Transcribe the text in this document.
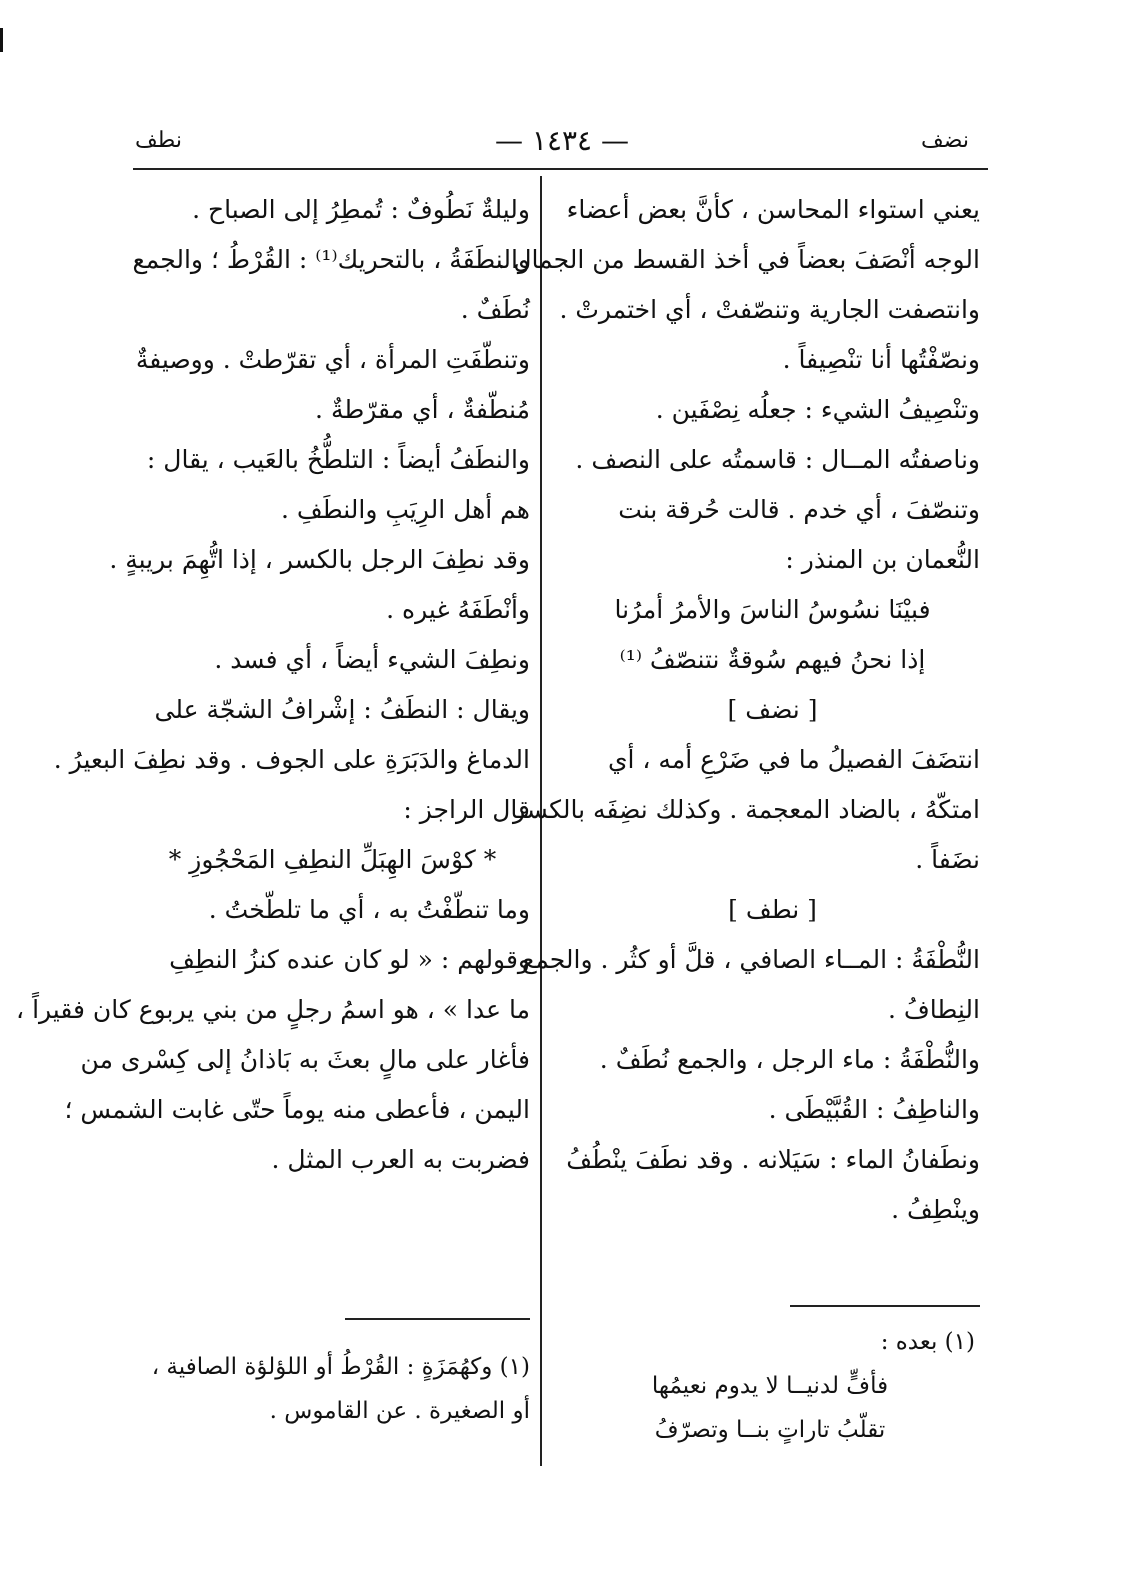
نضف
— ١٤٣٤ —
نطف
يعني استواء المحاسن ، كأنَّ بعض أعضاء
الوجه أنْصَفَ بعضاً في أخذ القسط من الجمال .
وانتصفت الجارية وتنصّفتْ ، أي اختمرتْ .
ونصّفْتُها أنا تنْصِيفاً .
وتنْصِيفُ الشيء : جعلُه نِصْفَين .
وناصفتُه المــال : قاسمتُه على النصف .
وتنصّفَ ، أي خدم . قالت حُرقة بنت
النُّعمان بن المنذر :
فبيْنَا نسُوسُ الناسَ والأمرُ أمرُنا
إذا نحنُ فيهم سُوقةٌ نتنصّفُ ⁽¹⁾
[ نضف ]
انتضَفَ الفصيلُ ما في ضَرْعِ أمه ، أي
امتكّهُ ، بالضاد المعجمة . وكذلك نضِفَه بالكسر
نضَفاً .
[ نطف ]
النُّطْفَةُ : المــاء الصافي ، قلَّ أو كثُر . والجمع
النِطافُ .
والنُّطْفَةُ : ماء الرجل ، والجمع نُطَفٌ .
والناطِفُ : القُبَّيْطَى .
ونطَفانُ الماء : سَيَلانه . وقد نطَفَ ينْطُفُ
وينْطِفُ .
وليلةٌ نَطُوفٌ : تُمطِرُ إلى الصباح .
والنطَفَةُ ، بالتحريك⁽¹⁾ : القُرْطُ ؛ والجمع
نُطَفٌ .
وتنطّفَتِ المرأة ، أي تقرّطتْ . ووصيفةٌ
مُنطّفةٌ ، أي مقرّطةٌ .
والنطَفُ أيضاً : التلطُّخُ بالعَيب ، يقال :
هم أهل الرِيَبِ والنطَفِ .
وقد نطِفَ الرجل بالكسر ، إذا اتُّهِمَ بريبةٍ .
وأنْطَفَهُ غيره .
ونطِفَ الشيء أيضاً ، أي فسد .
ويقال : النطَفُ : إشْرافُ الشجّة على
الدماغ والدَبَرَةِ على الجوف . وقد نطِفَ البعيرُ .
قال الراجز :
* كوْسَ الهِبَلِّ النطِفِ المَحْجُوزِ *
وما تنطّفْتُ به ، أي ما تلطّختُ .
وقولهم : « لو كان عنده كنزُ النطِفِ
ما عدا » ، هو اسمُ رجلٍ من بني يربوع كان فقيراً ،
فأغار على مالٍ بعثَ به بَاذانُ إلى كِسْرى من
اليمن ، فأعطى منه يوماً حتّى غابت الشمس ؛
فضربت به العرب المثل .
(١) بعده :
فأفٍّ لدنيــا لا يدوم نعيمُها
تقلّبُ تاراتٍ بنــا وتصرّفُ
(١) وكهُمَزَةٍ : القُرْطُ أو اللؤلؤة الصافية ،
أو الصغيرة . عن القاموس .
